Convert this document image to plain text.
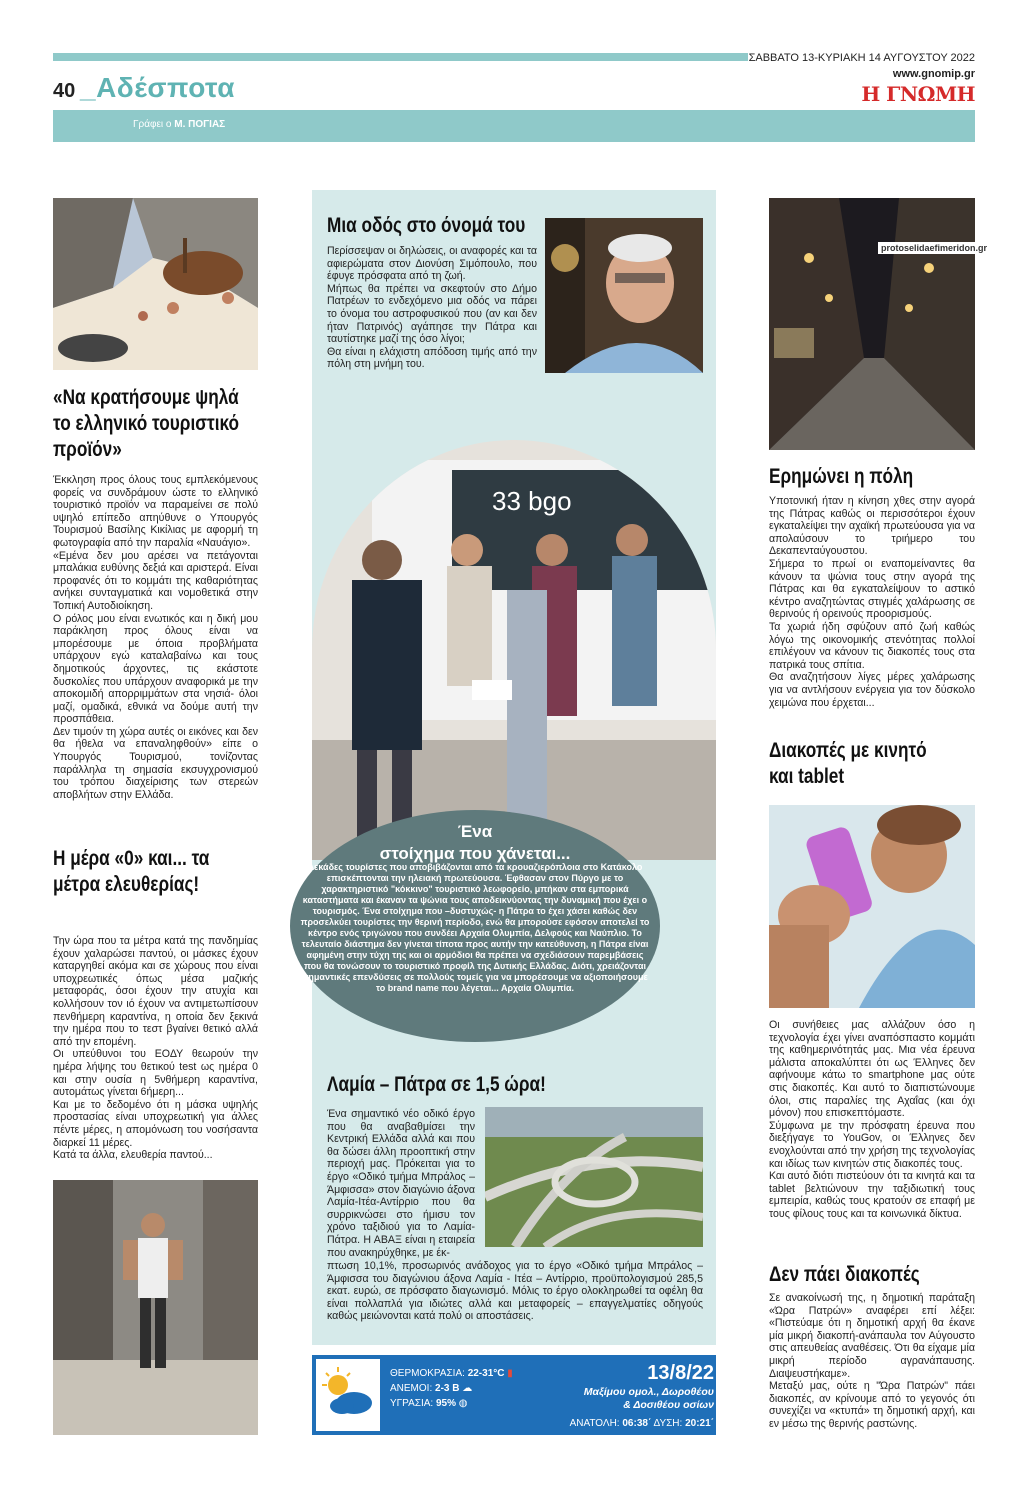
40 _Αδέσποτα
ΣΑΒΒΑΤΟ 13-ΚΥΡΙΑΚΗ 14 ΑΥΓΟΥΣΤΟΥ 2022
www.gnomip.gr
Η ΓΝΩΜΗ
Γράφει ο Μ. ΠΟΓΙΑΣ
«Να κρατήσουμε ψηλά το ελληνικό τουριστικό προϊόν»
Έκκληση προς όλους τους εμπλεκόμενους φορείς να συνδράμουν ώστε το ελληνικό τουριστικό προϊόν να παραμείνει σε πολύ υψηλό επίπεδο απηύθυνε ο Υπουργός Τουρισμού Βασίλης Κικίλιας με αφορμή τη φωτογραφία από την παραλία «Ναυάγιο».
«Εμένα δεν μου αρέσει να πετάγονται μπαλάκια ευθύνης δεξιά και αριστερά. Είναι προφανές ότι το κομμάτι της καθαριότητας ανήκει συνταγματικά και νομοθετικά στην Τοπική Αυτοδιοίκηση.
Ο ρόλος μου είναι ενωτικός και η δική μου παράκληση προς όλους είναι να μπορέσουμε με όποια προβλήματα υπάρχουν εγώ καταλαβαίνω και τους δημοτικούς άρχοντες, τις εκάστοτε δυσκολίες που υπάρχουν αναφορικά με την αποκομιδή απορριμμάτων στα νησιά- όλοι μαζί, ομαδικά, εθνικά να δούμε αυτή την προσπάθεια.
Δεν τιμούν τη χώρα αυτές οι εικόνες και δεν θα ήθελα να επαναληφθούν» είπε ο Υπουργός Τουρισμού, τονίζοντας παράλληλα τη σημασία εκσυγχρονισμού του τρόπου διαχείρισης των στερεών αποβλήτων στην Ελλάδα.
Η μέρα «0» και... τα μέτρα ελευθερίας!
Την ώρα που τα μέτρα κατά της πανδημίας έχουν χαλαρώσει παντού, οι μάσκες έχουν καταργηθεί ακόμα και σε χώρους που είναι υποχρεωτικές όπως μέσα μαζικής μεταφοράς, όσοι έχουν την ατυχία και κολλήσουν τον ιό έχουν να αντιμετωπίσουν πενθήμερη καραντίνα, η οποία δεν ξεκινά την ημέρα που το τεστ βγαίνει θετικό αλλά από την επομένη.
Οι υπεύθυνοι του ΕΟΔΥ θεωρούν την ημέρα λήψης του θετικού test ως ημέρα 0 και στην ουσία η 5νθήμερη καραντίνα, αυτομάτως γίνεται 6ήμερη...
Και με το δεδομένο ότι η μάσκα υψηλής προστασίας είναι υποχρεωτική για άλλες πέντε μέρες, η απομόνωση του νοσήσαντα διαρκεί 11 μέρες.
Κατά τα άλλα, ελευθερία παντού...
Μια οδός στο όνομά του
Περίσσεψαν οι δηλώσεις, οι αναφορές και τα αφιερώματα στον Διονύση Σιμόπουλο, που έφυγε πρόσφατα από τη ζωή.
Μήπως θα πρέπει να σκεφτούν στο Δήμο Πατρέων το ενδεχόμενο μια οδός να πάρει το όνομα του αστροφυσικού που (αν και δεν ήταν Πατρινός) αγάπησε την Πάτρα και ταυτίστηκε μαζί της όσο λίγοι;
Θα είναι η ελάχιστη απόδοση τιμής από την πόλη στη μνήμη του.
33 bgo
Ένα
στοίχημα που χάνεται...
Δεκάδες τουρίστες που αποβιβάζονται από τα κρουαζιερόπλοια στο Κατάκολο επισκέπτονται την ηλειακή πρωτεύουσα. Έφθασαν στον Πύργο με το χαρακτηριστικό "κόκκινο" τουριστικό λεωφορείο, μπήκαν στα εμπορικά καταστήματα και έκαναν τα ψώνια τους αποδεικνύοντας την δυναμική που έχει ο τουρισμός. Ένα στοίχημα που –δυστυχώς- η Πάτρα το έχει χάσει καθώς δεν προσελκύει τουρίστες την θερινή περίοδο, ενώ θα μπορούσε εφόσον αποτελεί το κέντρο ενός τριγώνου που συνδέει Αρχαία Ολυμπία, Δελφούς και Ναύπλιο. Το τελευταίο διάστημα δεν γίνεται τίποτα προς αυτήν την κατεύθυνση, η Πάτρα είναι αφημένη στην τύχη της και οι αρμόδιοι θα πρέπει να σχεδιάσουν παρεμβάσεις που θα τονώσουν το τουριστικό προφίλ της Δυτικής Ελλάδας. Διότι, χρειάζονται σημαντικές επενδύσεις σε πολλούς τομείς για να μπορέσουμε να αξιοποιήσουμε το brand name που λέγεται... Αρχαία Ολυμπία.
Λαμία – Πάτρα σε 1,5 ώρα!
Ένα σημαντικό νέο οδικό έργο που θα αναβαθμίσει την Κεντρική Ελλάδα αλλά και που θα δώσει άλλη προοπτική στην περιοχή μας. Πρόκειται για το έργο «Οδικό τμήμα Μπράλος –Άμφισσα» στον διαγώνιο άξονα Λαμία-Ιτέα-Αντίρριο που θα συρρικνώσει στο ήμισυ τον χρόνο ταξιδιού για το Λαμία-Πάτρα. Η ΑΒΑΞ είναι η εταιρεία που ανακηρύχθηκε, με έκ-
πτωση 10,1%, προσωρινός ανάδοχος για το έργο «Οδικό τμήμα Μπράλος –Άμφισσα του διαγώνιου άξονα Λαμία - Ιτέα – Αντίρριο, προϋπολογισμού 285,5 εκατ. ευρώ, σε πρόσφατο διαγωνισμό. Μόλις το έργο ολοκληρωθεί τα οφέλη θα είναι πολλαπλά για ιδιώτες αλλά και μεταφορείς – επαγγελματίες οδηγούς καθώς μειώνονται κατά πολύ οι αποστάσεις.
ΘΕΡΜΟΚΡΑΣΙΑ: 22-31°C ▮
ΑΝΕΜΟΙ: 2-3 Β ☁
ΥΓΡΑΣΙΑ: 95% ◍
13/8/22
Μαξίμου ομολ., Δωροθέου
& Δοσιθέου οσίων
ΑΝΑΤΟΛΗ: 06:38΄ ΔΥΣΗ: 20:21΄
protoselidaefimeridon.gr
Ερημώνει η πόλη
Υποτονική ήταν η κίνηση χθες στην αγορά της Πάτρας καθώς οι περισσότεροι έχουν εγκαταλείψει την αχαϊκή πρωτεύουσα για να απολαύσουν το τριήμερο του Δεκαπενταύγουστου.
Σήμερα το πρωί οι εναπομείναντες θα κάνουν τα ψώνια τους στην αγορά της Πάτρας και θα εγκαταλείψουν το αστικό κέντρο αναζητώντας στιγμές χαλάρωσης σε θερινούς ή ορεινούς προορισμούς.
Τα χωριά ήδη σφύζουν από ζωή καθώς λόγω της οικονομικής στενότητας πολλοί επιλέγουν να κάνουν τις διακοπές τους στα πατρικά τους σπίτια.
Θα αναζητήσουν λίγες μέρες χαλάρωσης για να αντλήσουν ενέργεια για τον δύσκολο χειμώνα που έρχεται...
Διακοπές με κινητό και tablet
Οι συνήθειες μας αλλάζουν όσο η τεχνολογία έχει γίνει αναπόσπαστο κομμάτι της καθημερινότητάς μας. Μια νέα έρευνα μάλιστα αποκαλύπτει ότι ως Έλληνες δεν αφήνουμε κάτω το smartphone μας ούτε στις διακοπές. Και αυτό το διαπιστώνουμε όλοι, στις παραλίες της Αχαΐας (και όχι μόνον) που επισκεπτόμαστε.
Σύμφωνα με την πρόσφατη έρευνα που διεξήγαγε το YouGov, οι Έλληνες δεν ενοχλούνται από την χρήση της τεχνολογίας και ιδίως των κινητών στις διακοπές τους.
Και αυτό διότι πιστεύουν ότι τα κινητά και τα tablet βελτιώνουν την ταξιδιωτική τους εμπειρία, καθώς τους κρατούν σε επαφή με τους φίλους τους και τα κοινωνικά δίκτυα.
Δεν πάει διακοπές
Σε ανακοίνωσή της, η δημοτική παράταξη «Ώρα Πατρών» αναφέρει επί λέξει: «Πιστεύαμε ότι η δημοτική αρχή θα έκανε μία μικρή διακοπή-ανάπαυλα τον Αύγουστο στις απευθείας αναθέσεις. Ότι θα είχαμε μία μικρή περίοδο αγρανάπαυσης. Διαψευστήκαμε».
Μεταξύ μας, ούτε η "Ώρα Πατρών" πάει διακοπές, αν κρίνουμε από το γεγονός ότι συνεχίζει να «κτυπά» τη δημοτική αρχή, και εν μέσω της θερινής ραστώνης.
